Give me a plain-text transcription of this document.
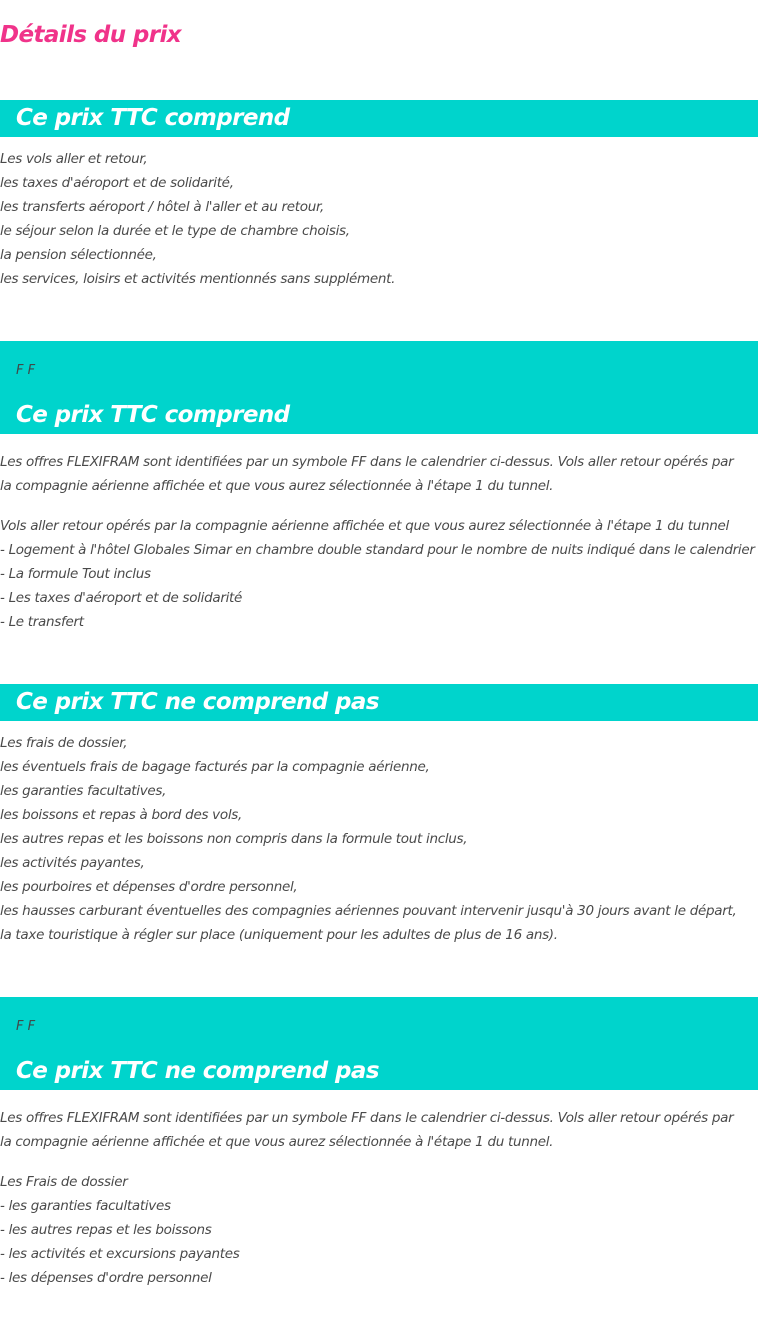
Détails du prix
Ce prix TTC comprend
Les vols aller et retour,
les taxes d'aéroport et de solidarité,
les transferts aéroport / hôtel à l'aller et au retour,
le séjour selon la durée et le type de chambre choisis,
la pension sélectionnée,
les services, loisirs et activités mentionnés sans supplément.
F F
Ce prix TTC comprend

Les offres FLEXIFRAM sont identifiées par un symbole FF dans le calendrier ci-dessus. Vols aller retour opérés par la compagnie aérienne affichée et que vous aurez sélectionnée à l'étape 1 du tunnel.

Vols aller retour opérés par la compagnie aérienne affichée et que vous aurez sélectionnée à l'étape 1 du tunnel
- Logement à l'hôtel Globales Simar en chambre double standard pour le nombre de nuits indiqué dans le calendrier
- La formule Tout inclus
- Les taxes d'aéroport et de solidarité
- Le transfert
Ce prix TTC ne comprend pas
Les frais de dossier,
les éventuels frais de bagage facturés par la compagnie aérienne,
les garanties facultatives,
les boissons et repas à bord des vols,
les autres repas et les boissons non compris dans la formule tout inclus,
les activités payantes,
les pourboires et dépenses d'ordre personnel,
les hausses carburant éventuelles des compagnies aériennes pouvant intervenir jusqu'à 30 jours avant le départ,
la taxe touristique à régler sur place (uniquement pour les adultes de plus de 16 ans).
F F
Ce prix TTC ne comprend pas

Les offres FLEXIFRAM sont identifiées par un symbole FF dans le calendrier ci-dessus. Vols aller retour opérés par la compagnie aérienne affichée et que vous aurez sélectionnée à l'étape 1 du tunnel.

Les Frais de dossier
- les garanties facultatives
- les autres repas et les boissons
- les activités et excursions payantes
- les dépenses d'ordre personnel
